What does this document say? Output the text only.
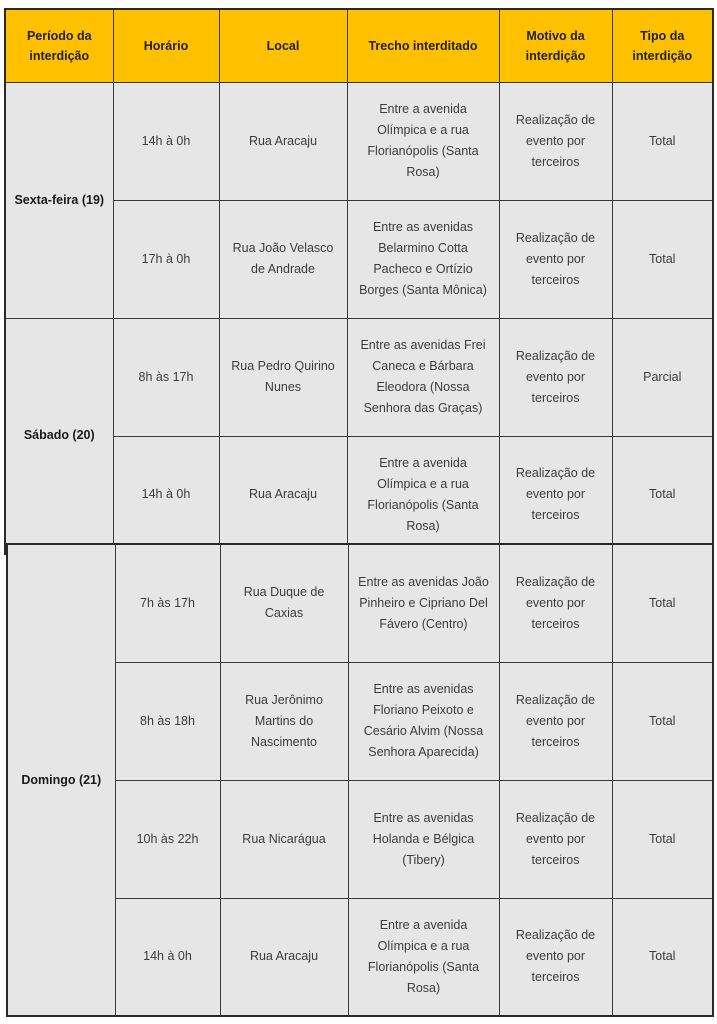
Período da interdição	Horário	Local	Trecho interditado	Motivo da interdição	Tipo da interdição
Sexta-feira (19)	14h à 0h	Rua Aracaju	Entre a avenida Olímpica e a rua Florianópolis (Santa Rosa)	Realização de evento por terceiros	Total
	17h à 0h	Rua João Velasco de Andrade	Entre as avenidas Belarmino Cotta Pacheco e Ortízio Borges (Santa Mônica)	Realização de evento por terceiros	Total
Sábado (20)	8h às 17h	Rua Pedro Quirino Nunes	Entre as avenidas Frei Caneca e Bárbara Eleodora (Nossa Senhora das Graças)	Realização de evento por terceiros	Parcial
	14h à 0h	Rua Aracaju	Entre a avenida Olímpica e a rua Florianópolis (Santa Rosa)	Realização de evento por terceiros	Total
Domingo (21)	7h às 17h	Rua Duque de Caxias	Entre as avenidas João Pinheiro e Cipriano Del Fávero (Centro)	Realização de evento por terceiros	Total
	8h às 18h	Rua Jerônimo Martins do Nascimento	Entre as avenidas Floriano Peixoto e Cesário Alvim (Nossa Senhora Aparecida)	Realização de evento por terceiros	Total
	10h às 22h	Rua Nicarágua	Entre as avenidas Holanda e Bélgica (Tibery)	Realização de evento por terceiros	Total
	14h à 0h	Rua Aracaju	Entre a avenida Olímpica e a rua Florianópolis (Santa Rosa)	Realização de evento por terceiros	Total
